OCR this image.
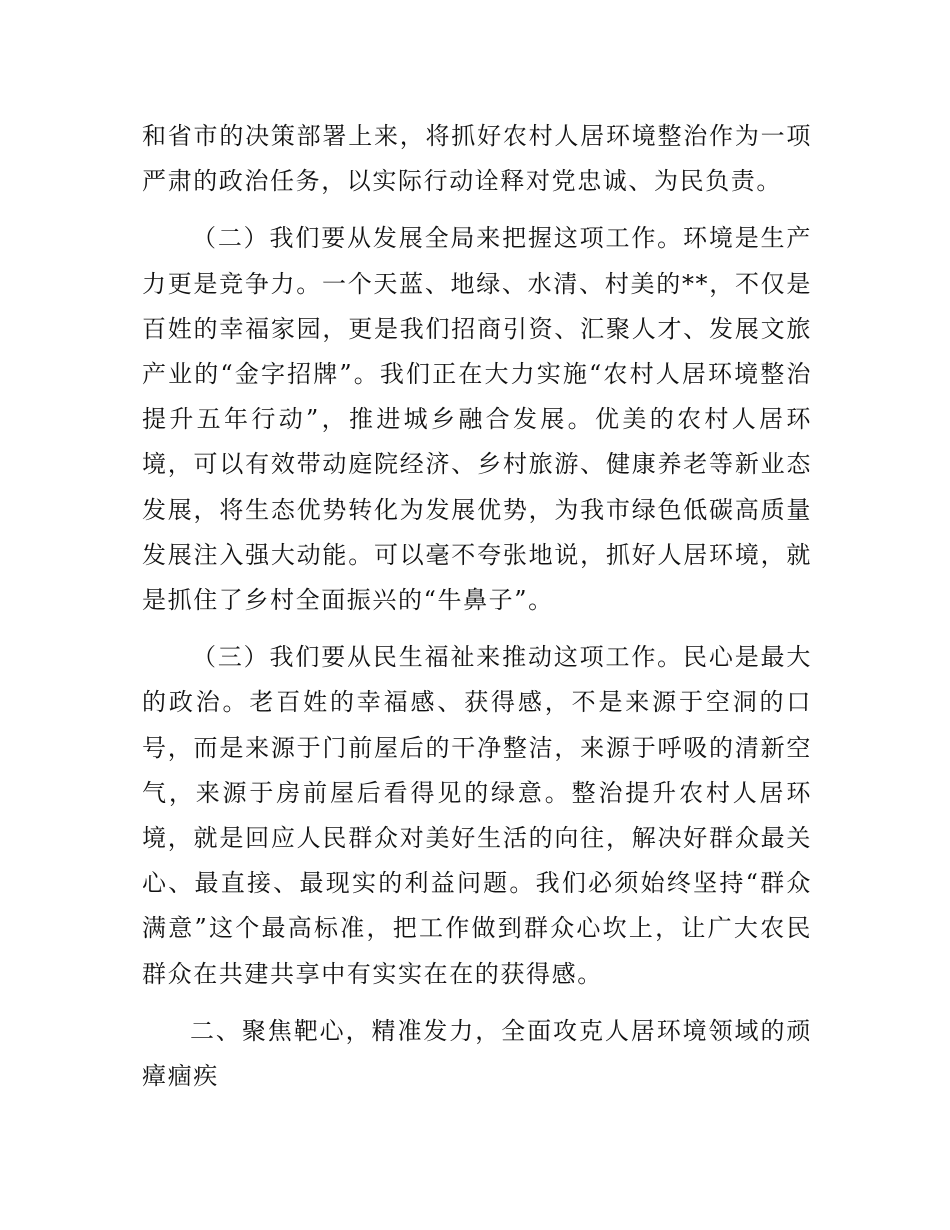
和省市的决策部署上来，将抓好农村人居环境整治作为一项严肃的政治任务，以实际行动诠释对党忠诚、为民负责。

（二）我们要从发展全局来把握这项工作。环境是生产力更是竞争力。一个天蓝、地绿、水清、村美的**，不仅是百姓的幸福家园，更是我们招商引资、汇聚人才、发展文旅产业的“金字招牌”。我们正在大力实施“农村人居环境整治提升五年行动”，推进城乡融合发展。优美的农村人居环境，可以有效带动庭院经济、乡村旅游、健康养老等新业态发展，将生态优势转化为发展优势，为我市绿色低碳高质量发展注入强大动能。可以毫不夸张地说，抓好人居环境，就是抓住了乡村全面振兴的“牛鼻子”。

（三）我们要从民生福祉来推动这项工作。民心是最大的政治。老百姓的幸福感、获得感，不是来源于空洞的口号，而是来源于门前屋后的干净整洁，来源于呼吸的清新空气，来源于房前屋后看得见的绿意。整治提升农村人居环境，就是回应人民群众对美好生活的向往，解决好群众最关心、最直接、最现实的利益问题。我们必须始终坚持“群众满意”这个最高标准，把工作做到群众心坎上，让广大农民群众在共建共享中有实实在在的获得感。

二、聚焦靶心，精准发力，全面攻克人居环境领域的顽瘴痼疾
